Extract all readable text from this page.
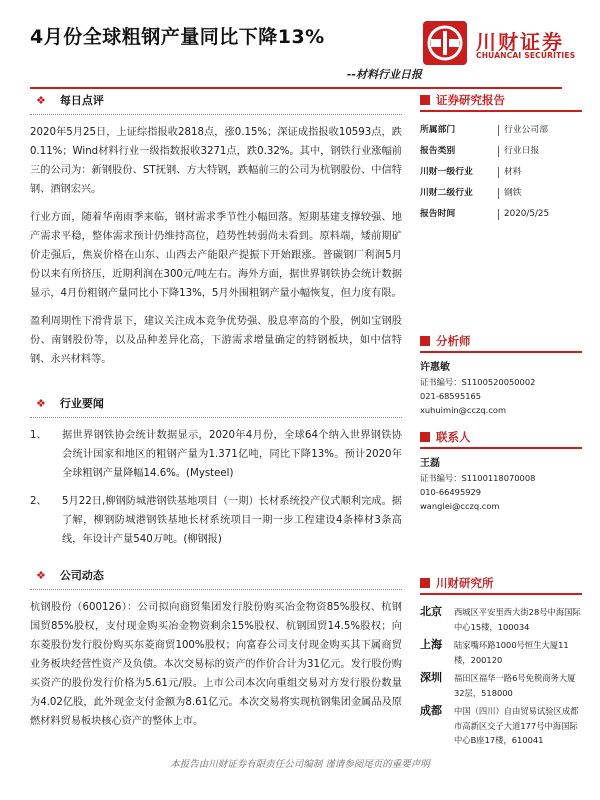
4月份全球粗钢产量同比下降13%
--材料行业日报
川财证券
CHUANCAI SECURITIES
❖ 每日点评

2020年5月25日，上证综指报收2818点，涨0.15%；深证成指报收10593点，跌0.11%；Wind材料行业一级指数报收3271点，跌0.32%。其中，钢铁行业涨幅前三的公司为：新钢股份、ST抚钢、方大特钢，跌幅前三的公司为杭钢股份、中信特钢、酒钢宏兴。

行业方面，随着华南雨季来临，钢材需求季节性小幅回落。短期基建支撑较强、地产需求平稳，整体需求预计仍维持高位，趋势性转弱尚未看到。原料端，矮前期矿价走强后，焦炭价格在山东、山西去产能限产提振下开始跟涨。普碳钢厂利润5月份以来有所挤压，近期利润在300元/吨左右。海外方面，据世界钢铁协会统计数据显示，4月份粗钢产量同比小下降13%，5月外围粗钢产量小幅恢复，但力度有限。

盈利周期性下滑背景下，建议关注成本竞争优势强、股息率高的个股，例如宝钢股份、南钢股份等，以及品种差异化高，下游需求增量确定的特钢板块，如中信特钢、永兴材料等。

❖ 行业要闻
1、	据世界钢铁协会统计数据显示，2020年4月份，全球64个纳入世界钢铁协会统计国家和地区的粗钢产量为1.371亿吨，同比下降13%。预计2020年全球粗钢产量降幅14.6%。(Mysteel)
2、	5月22日,柳钢防城港钢铁基地项目（一期）长材系统投产仪式顺利完成。据了解，柳钢防城港钢铁基地长材系统项目一期一步工程建设4条棒材3条高线，年设计产量540万吨。(柳钢报)
❖ 公司动态

杭钢股份（600126）：公司拟向商贸集团发行股份购买冶金物资85%股权、杭钢国贸85%股权，支付现金购买冶金物资剩余15%股权、杭钢国贸14.5%股权；向东菱股份发行股份购买东菱商贸100%股权；向富春公司支付现金购买其下属商贸业务板块经营性资产及负债。本次交易标的资产的作价合计为31亿元。发行股份购买资产的股份发行价格为5.61元/股。上市公司本次向重组交易对方发行股份数量为4.02亿股，此外现金支付金额为8.61亿元。本次交易将实现杭钢集团金属品及原燃材料贸易板块核心资产的整体上市。

证券研究报告
所属部门	行业公司部
报告类别	行业日报
川财一级行业	材料
川财二级行业	钢铁
报告时间	2020/5/25
分析师
许惠敏
证书编号：S1100520050002
021-68595165
xuhuimin@cczq.com
联系人
王磊
证书编号：S1100118070008
010-66495929
wanglei@cczq.com
川财研究所
北京	西城区平安里西大街28号中海国际中心15楼，100034
上海	陆家嘴环路1000号恒生大厦11楼，200120
深圳	福田区福华一路6号免税商务大厦32层，518000
成都	中国（四川）自由贸易试验区成都市高新区交子大道177号中海国际中心B座17楼，610041
本报告由川财证券有限责任公司编制 谨请参阅尾页的重要声明
